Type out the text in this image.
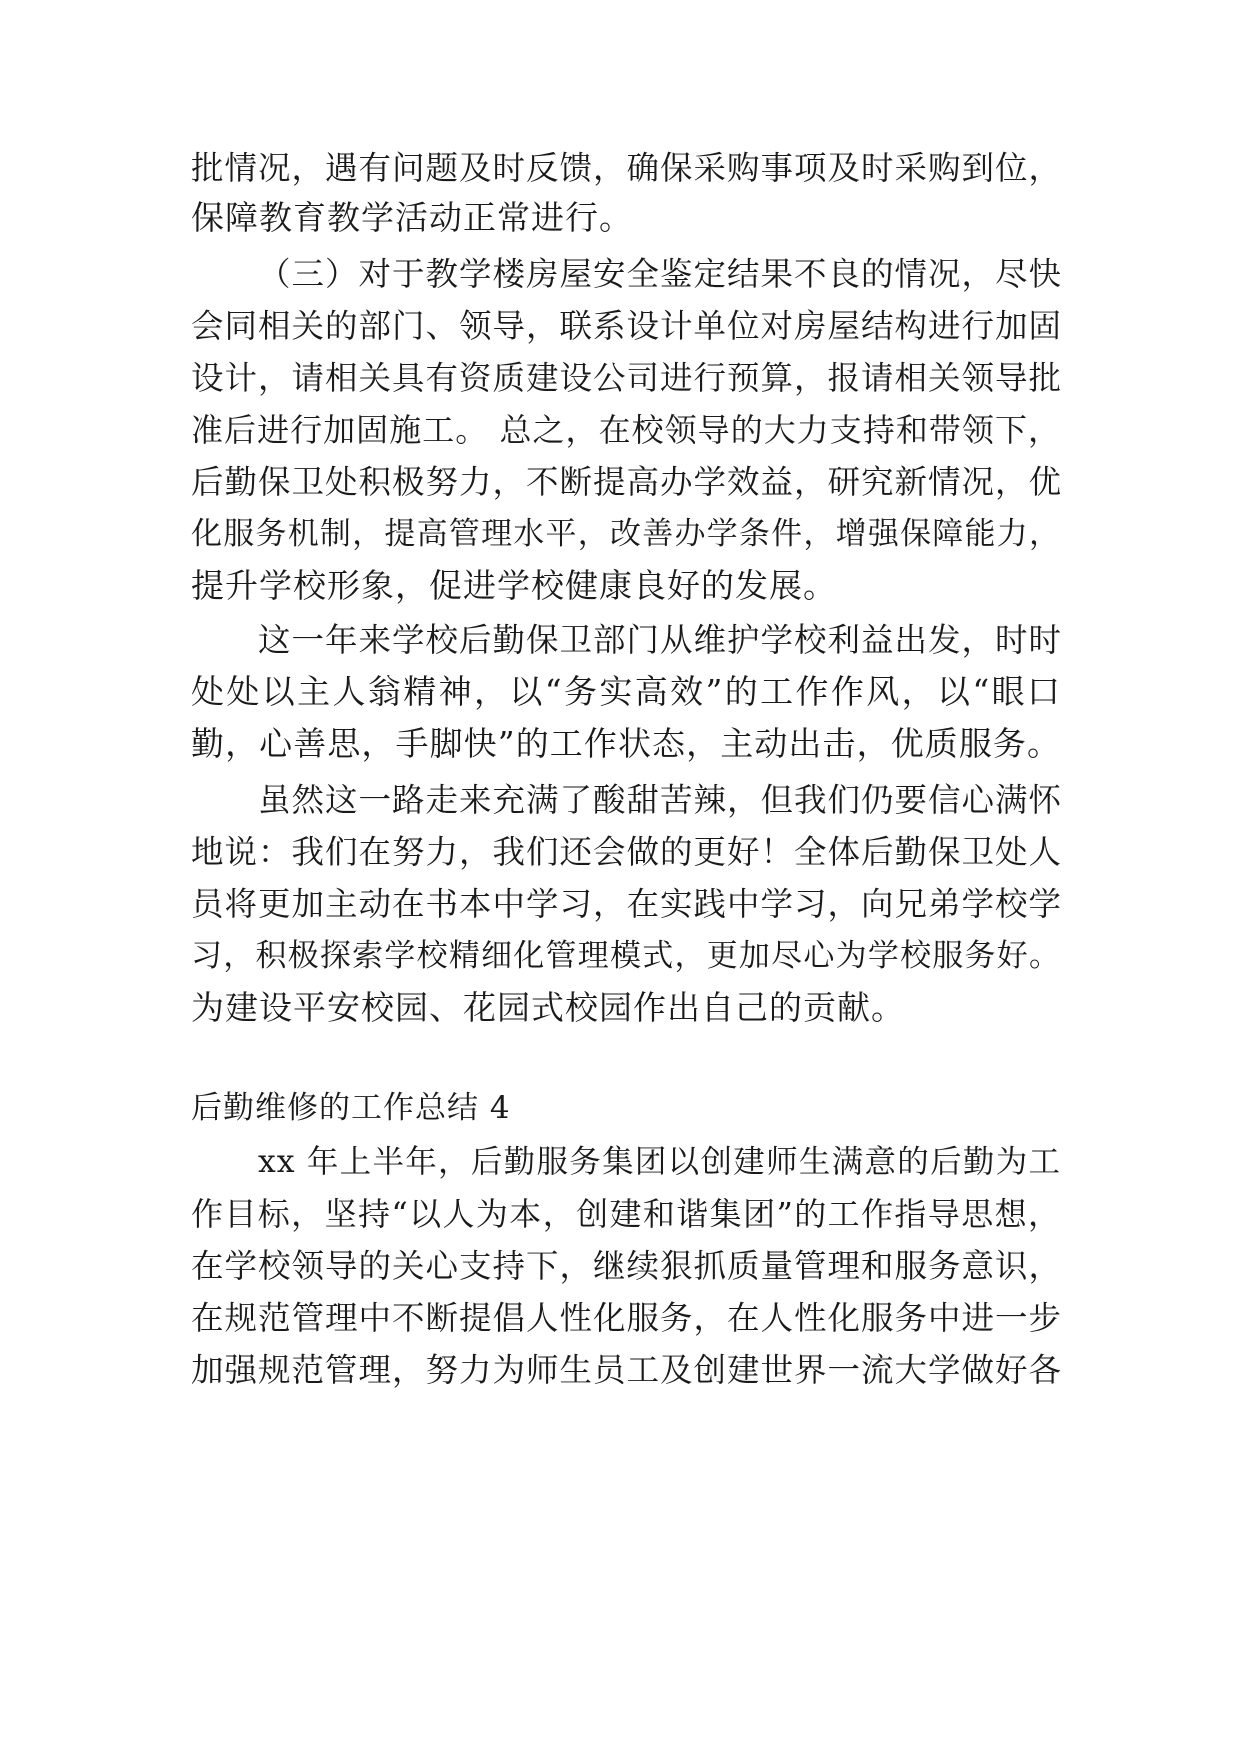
批情况，遇有问题及时反馈，确保采购事项及时采购到位，
保障教育教学活动正常进行。
（三）对于教学楼房屋安全鉴定结果不良的情况，尽快
会同相关的部门、领导，联系设计单位对房屋结构进行加固
设计，请相关具有资质建设公司进行预算，报请相关领导批
准后进行加固施工。 总之，在校领导的大力支持和带领下，
后勤保卫处积极努力，不断提高办学效益，研究新情况，优
化服务机制，提高管理水平，改善办学条件，增强保障能力，
提升学校形象，促进学校健康良好的发展。
这一年来学校后勤保卫部门从维护学校利益出发，时时
处处以主人翁精神，以“务实高效”的工作作风，以“眼口
勤，心善思，手脚快”的工作状态，主动出击，优质服务。
虽然这一路走来充满了酸甜苦辣，但我们仍要信心满怀
地说：我们在努力，我们还会做的更好！全体后勤保卫处人
员将更加主动在书本中学习，在实践中学习，向兄弟学校学
习，积极探索学校精细化管理模式，更加尽心为学校服务好。
为建设平安校园、花园式校园作出自己的贡献。
后勤维修的工作总结 4
xx 年上半年，后勤服务集团以创建师生满意的后勤为工
作目标，坚持“以人为本，创建和谐集团”的工作指导思想，
在学校领导的关心支持下，继续狠抓质量管理和服务意识，
在规范管理中不断提倡人性化服务，在人性化服务中进一步
加强规范管理，努力为师生员工及创建世界一流大学做好各
